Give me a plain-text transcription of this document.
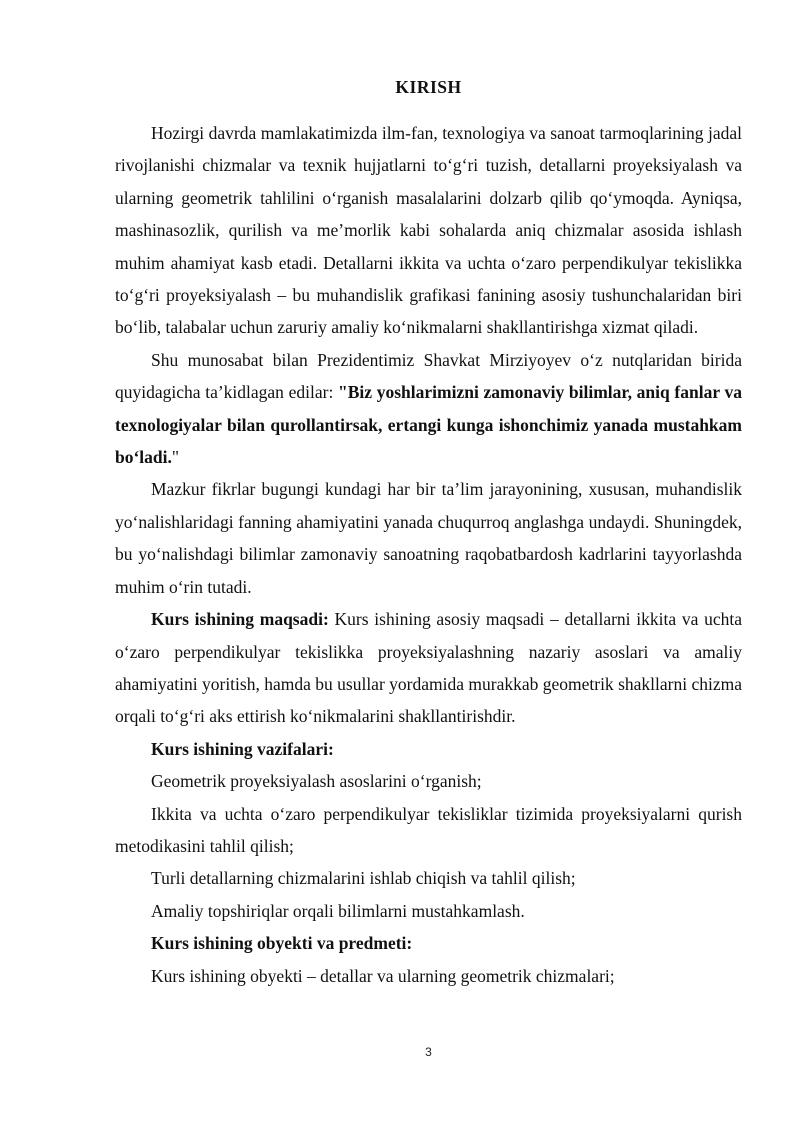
KIRISH

Hozirgi davrda mamlakatimizda ilm-fan, texnologiya va sanoat tarmoqlarining jadal rivojlanishi chizmalar va texnik hujjatlarni to‘g‘ri tuzish, detallarni proyeksiyalash va ularning geometrik tahlilini o‘rganish masalalarini dolzarb qilib qo‘ymoqda. Ayniqsa, mashinasozlik, qurilish va me’morlik kabi sohalarda aniq chizmalar asosida ishlash muhim ahamiyat kasb etadi. Detallarni ikkita va uchta o‘zaro perpendikulyar tekislikka to‘g‘ri proyeksiyalash – bu muhandislik grafikasi fanining asosiy tushunchalaridan biri bo‘lib, talabalar uchun zaruriy amaliy ko‘nikmalarni shakllantirishga xizmat qiladi.

Shu munosabat bilan Prezidentimiz Shavkat Mirziyoyev o‘z nutqlaridan birida quyidagicha ta’kidlagan edilar: "Biz yoshlarimizni zamonaviy bilimlar, aniq fanlar va texnologiyalar bilan qurollantirsak, ertangi kunga ishonchimiz yanada mustahkam bo‘ladi."

Mazkur fikrlar bugungi kundagi har bir ta’lim jarayonining, xususan, muhandislik yo‘nalishlaridagi fanning ahamiyatini yanada chuqurroq anglashga undaydi. Shuningdek, bu yo‘nalishdagi bilimlar zamonaviy sanoatning raqobatbardosh kadrlarini tayyorlashda muhim o‘rin tutadi.

Kurs ishining maqsadi: Kurs ishining asosiy maqsadi – detallarni ikkita va uchta o‘zaro perpendikulyar tekislikka proyeksiyalashning nazariy asoslari va amaliy ahamiyatini yoritish, hamda bu usullar yordamida murakkab geometrik shakllarni chizma orqali to‘g‘ri aks ettirish ko‘nikmalarini shakllantirishdir.

Kurs ishining vazifalari:

Geometrik proyeksiyalash asoslarini o‘rganish;

Ikkita va uchta o‘zaro perpendikulyar tekisliklar tizimida proyeksiyalarni qurish metodikasini tahlil qilish;

Turli detallarning chizmalarini ishlab chiqish va tahlil qilish;

Amaliy topshiriqlar orqali bilimlarni mustahkamlash.

Kurs ishining obyekti va predmeti:

Kurs ishining obyekti – detallar va ularning geometrik chizmalari;

3
